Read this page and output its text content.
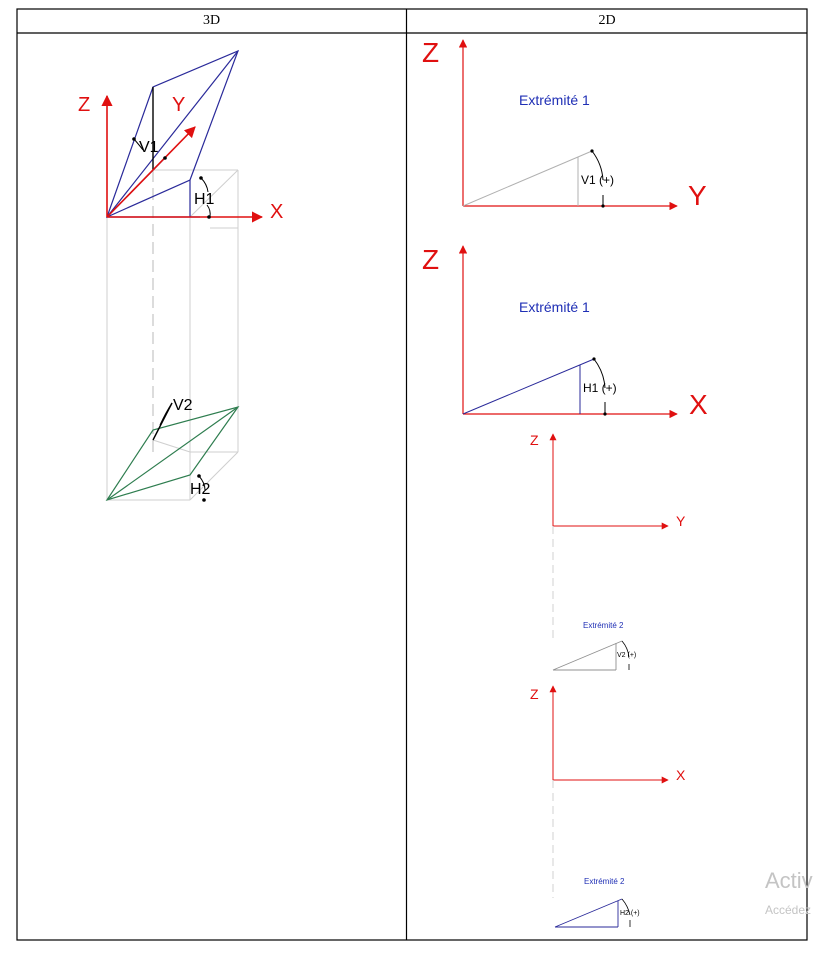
3D	2D
Z	Y
X
V1
H1
V2
H2
Z
Y
Extrémité 1
V1 (+)
Z
X
Extrémité 1
H1 (+)
Z
Y
Extrémité 2
V2 (+)
Z
X
Extrémité 2
H2 (+)
Activ
Accédez
